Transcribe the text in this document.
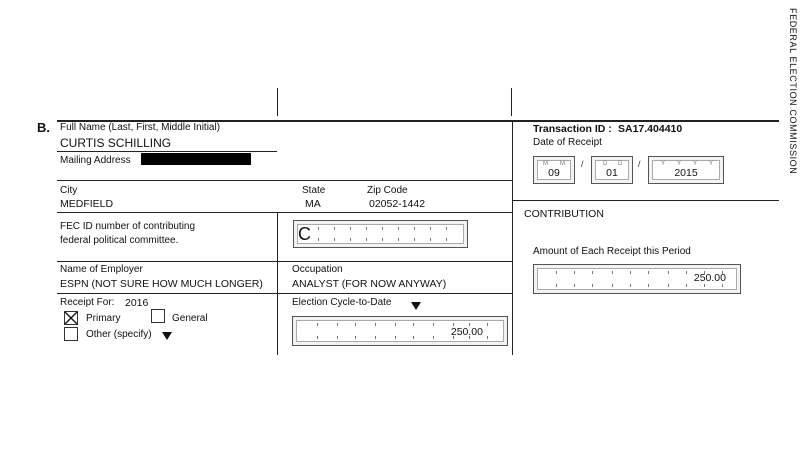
FEDERAL ELECTION COMMISSION
B. Full Name (Last, First, Middle Initial)
CURTIS SCHILLING
Mailing Address
City
MEDFIELD
State
MA
Zip Code
02052-1442
FEC ID number of contributing
federal political committee.	C
Name of Employer
ESPN (NOT SURE HOW MUCH LONGER)
Occupation
ANALYST (FOR NOW ANYWAY)
Receipt For: 2016
Primary	General
Other (specify)
Election Cycle-to-Date
250.00
Transaction ID : SA17.404410
Date of Receipt
M M
09
/	D D
01
/	Y Y Y Y
2015
CONTRIBUTION
Amount of Each Receipt this Period
250.00
